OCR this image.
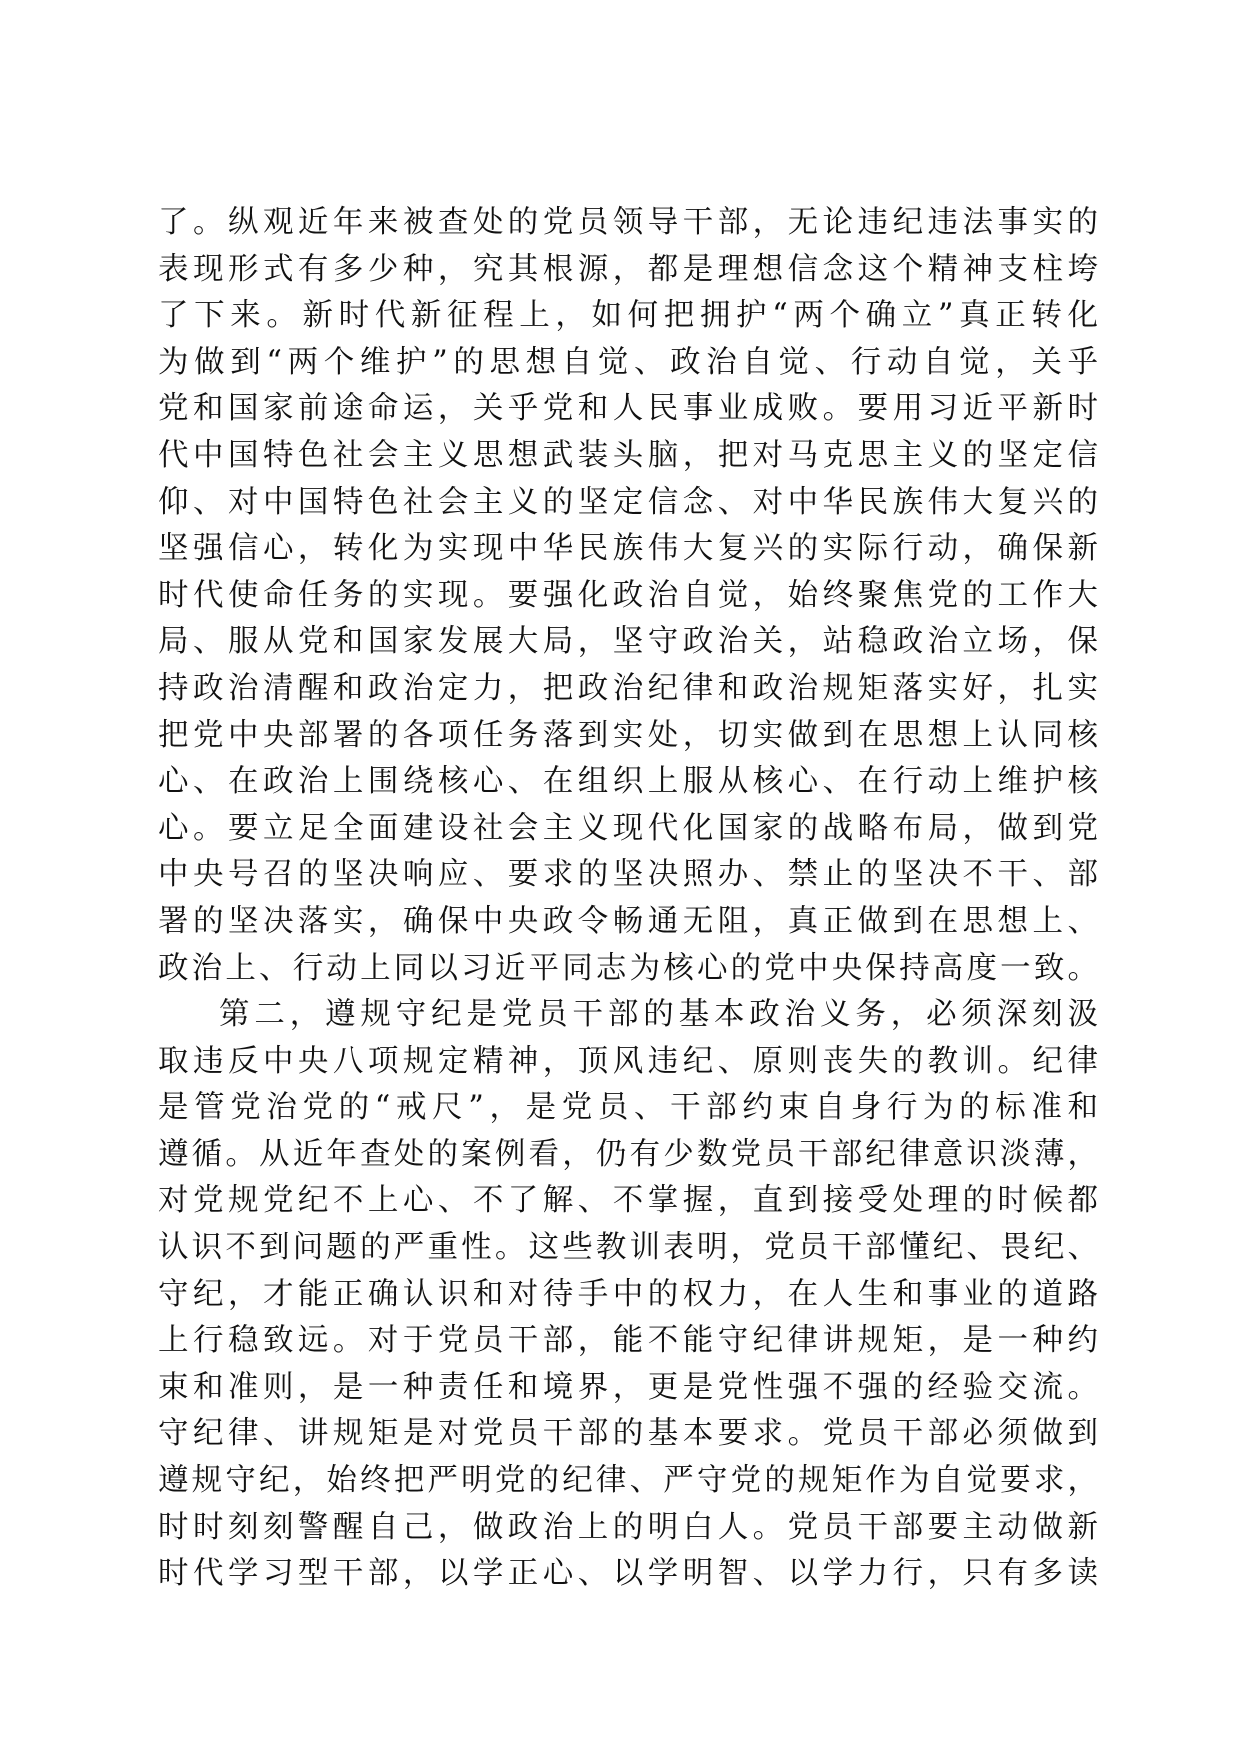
了。纵观近年来被查处的党员领导干部，无论违纪违法事实的
表现形式有多少种，究其根源，都是理想信念这个精神支柱垮
了下来。新时代新征程上，如何把拥护“两个确立”真正转化
为做到“两个维护”的思想自觉、政治自觉、行动自觉，关乎
党和国家前途命运，关乎党和人民事业成败。要用习近平新时
代中国特色社会主义思想武装头脑，把对马克思主义的坚定信
仰、对中国特色社会主义的坚定信念、对中华民族伟大复兴的
坚强信心，转化为实现中华民族伟大复兴的实际行动，确保新
时代使命任务的实现。要强化政治自觉，始终聚焦党的工作大
局、服从党和国家发展大局，坚守政治关，站稳政治立场，保
持政治清醒和政治定力，把政治纪律和政治规矩落实好，扎实
把党中央部署的各项任务落到实处，切实做到在思想上认同核
心、在政治上围绕核心、在组织上服从核心、在行动上维护核
心。要立足全面建设社会主义现代化国家的战略布局，做到党
中央号召的坚决响应、要求的坚决照办、禁止的坚决不干、部
署的坚决落实，确保中央政令畅通无阻，真正做到在思想上、
政治上、行动上同以习近平同志为核心的党中央保持高度一致。
第二，遵规守纪是党员干部的基本政治义务，必须深刻汲
取违反中央八项规定精神，顶风违纪、原则丧失的教训。纪律
是管党治党的“戒尺”，是党员、干部约束自身行为的标准和
遵循。从近年查处的案例看，仍有少数党员干部纪律意识淡薄，
对党规党纪不上心、不了解、不掌握，直到接受处理的时候都
认识不到问题的严重性。这些教训表明，党员干部懂纪、畏纪、
守纪，才能正确认识和对待手中的权力，在人生和事业的道路
上行稳致远。对于党员干部，能不能守纪律讲规矩，是一种约
束和准则，是一种责任和境界，更是党性强不强的经验交流。
守纪律、讲规矩是对党员干部的基本要求。党员干部必须做到
遵规守纪，始终把严明党的纪律、严守党的规矩作为自觉要求，
时时刻刻警醒自己，做政治上的明白人。党员干部要主动做新
时代学习型干部，以学正心、以学明智、以学力行，只有多读
